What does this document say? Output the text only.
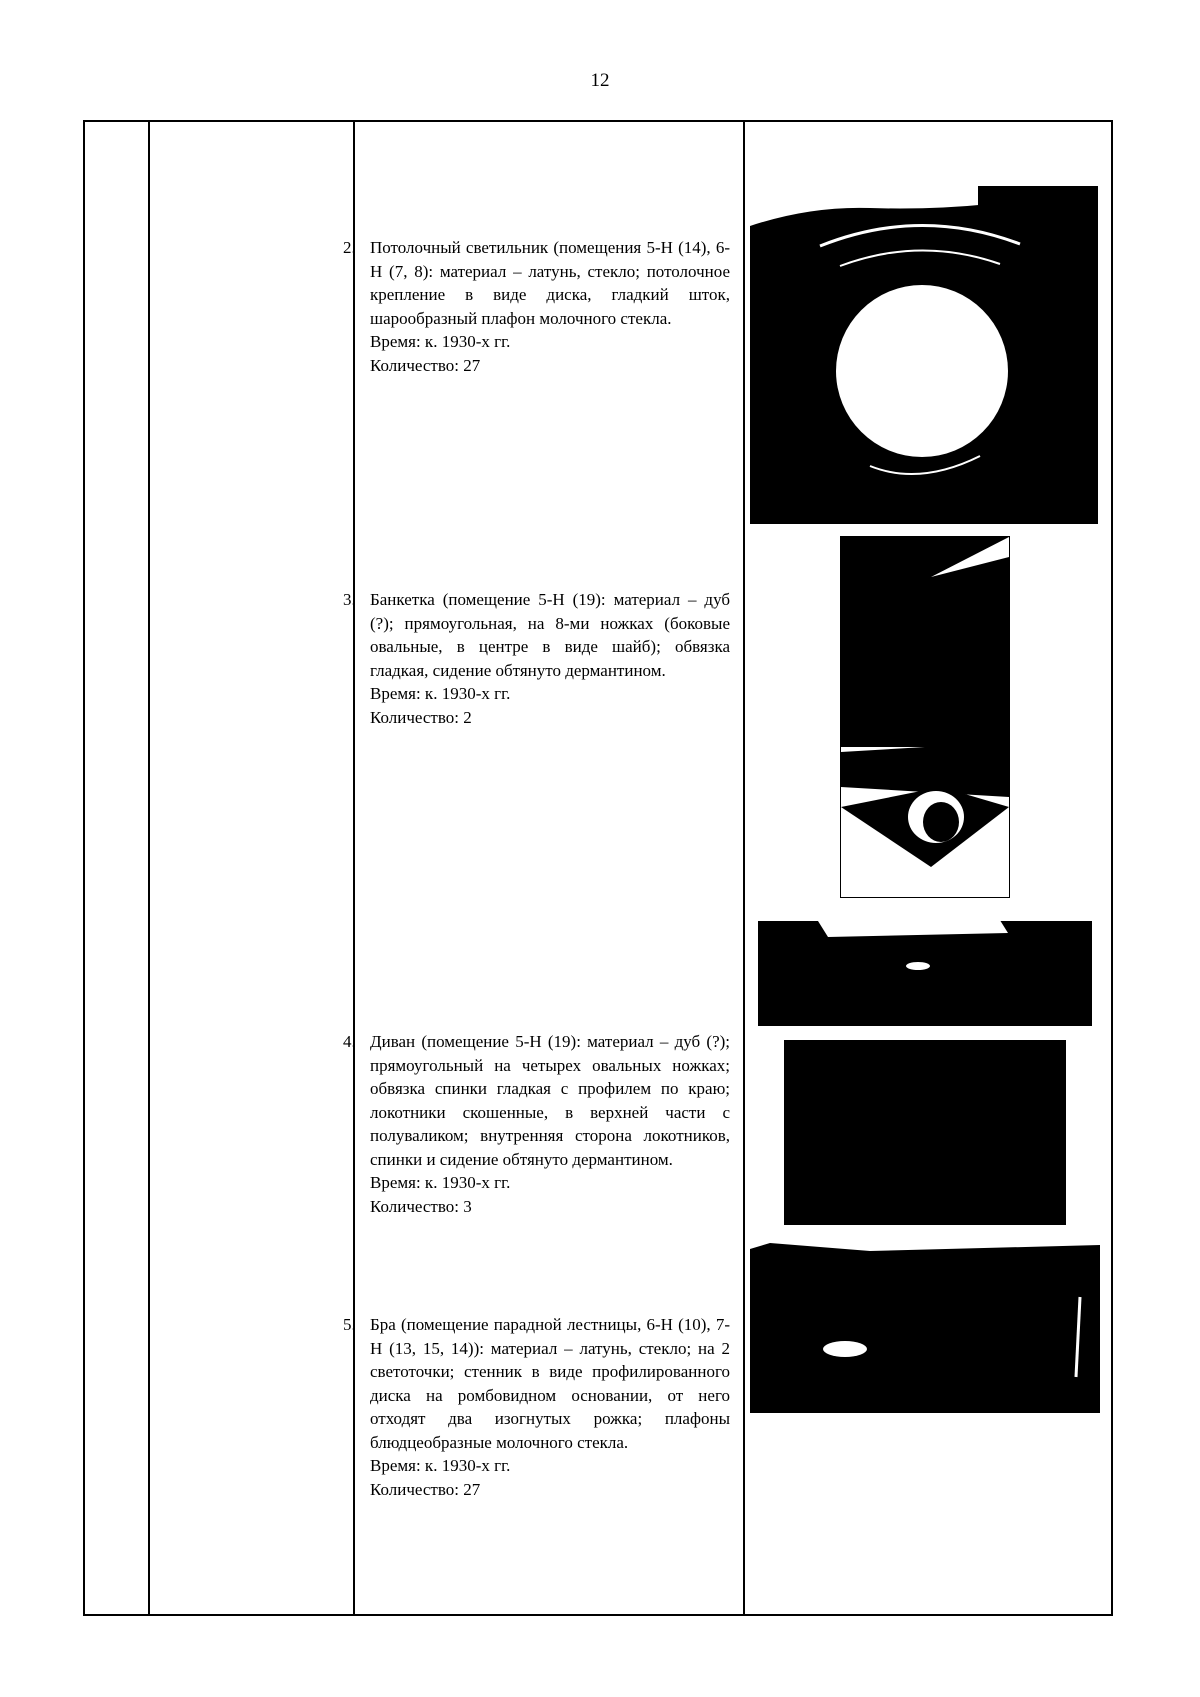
12
2. Потолочный светильник (помещения 5-Н (14), 6-Н (7, 8): материал – латунь, стекло; потолочное крепление в виде диска, гладкий шток, шарообразный плафон молочного стекла.

Время: к. 1930-х гг.

Количество: 27

3. Банкетка (помещение 5-Н (19): материал – дуб (?); прямоугольная, на 8-ми ножках (боковые овальные, в центре в виде шайб); обвязка гладкая, сидение обтянуто дермантином.

Время: к. 1930-х гг.

Количество: 2

4. Диван (помещение 5-Н (19): материал – дуб (?); прямоугольный на четырех овальных ножках; обвязка спинки гладкая с профилем по краю; локотники скошенные, в верхней части с полуваликом; внутренняя сторона локотников, спинки и сидение обтянуто дермантином.

Время: к. 1930-х гг.

Количество: 3

5. Бра (помещение парадной лестницы, 6-Н (10), 7-Н (13, 15, 14)): материал – латунь, стекло; на 2 светоточки; стенник в виде профилированного диска на ромбовидном основании, от него отходят два изогнутых рожка; плафоны блюдцеобразные молочного стекла.

Время: к. 1930-х гг.

Количество: 27
